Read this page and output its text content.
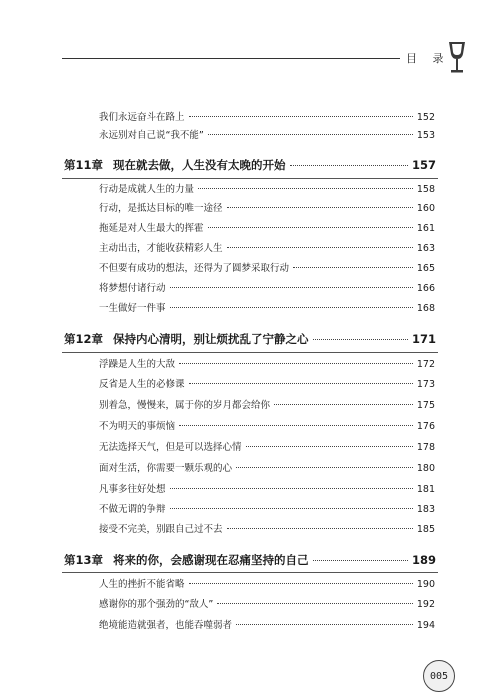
目 录
我们永远奋斗在路上	152
永远别对自己说“我不能”	153
第11章 现在就去做，人生没有太晚的开始	157
行动是成就人生的力量	158
行动，是抵达目标的唯一途径	160
拖延是对人生最大的挥霍	161
主动出击，才能收获精彩人生	163
不但要有成功的想法，还得为了圆梦采取行动	165
将梦想付诸行动	166
一生做好一件事	168
第12章 保持内心清明，别让烦扰乱了宁静之心	171
浮躁是人生的大敌	172
反省是人生的必修课	173
别着急，慢慢来，属于你的岁月都会给你	175
不为明天的事烦恼	176
无法选择天气，但是可以选择心情	178
面对生活，你需要一颗乐观的心	180
凡事多往好处想	181
不做无谓的争辩	183
接受不完美，别跟自己过不去	185
第13章 将来的你，会感谢现在忍痛坚持的自己	189
人生的挫折不能省略	190
感谢你的那个强劲的“敌人”	192
绝境能造就强者，也能吞噬弱者	194
005
